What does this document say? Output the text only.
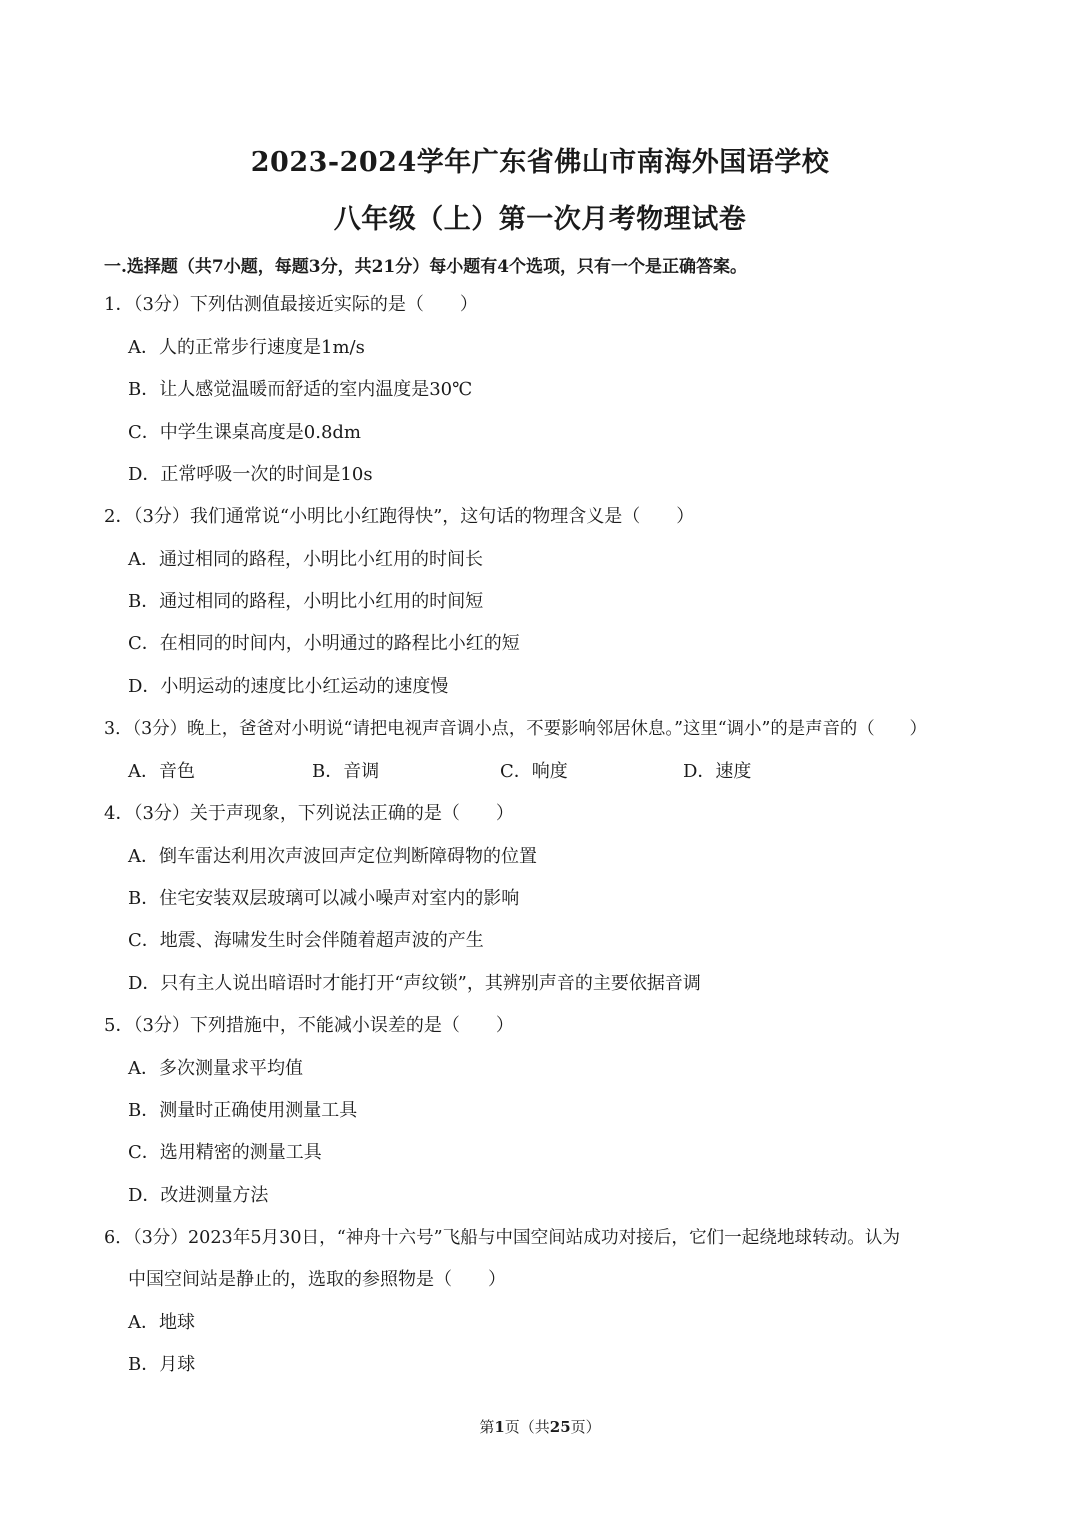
2023-2024学年广东省佛山市南海外国语学校
八年级（上）第一次月考物理试卷
一.选择题（共7小题，每题3分，共21分）每小题有4个选项，只有一个是正确答案。
1．（3分）下列估测值最接近实际的是（　　）
A．人的正常步行速度是1m/s
B．让人感觉温暖而舒适的室内温度是30℃
C．中学生课桌高度是0.8dm
D．正常呼吸一次的时间是10s
2．（3分）我们通常说“小明比小红跑得快”，这句话的物理含义是（　　）
A．通过相同的路程，小明比小红用的时间长
B．通过相同的路程，小明比小红用的时间短
C．在相同的时间内，小明通过的路程比小红的短
D．小明运动的速度比小红运动的速度慢
3．（3分）晚上，爸爸对小明说“请把电视声音调小点，不要影响邻居休息。”这里“调小”的是声音的（　　）
A．音色	B．音调	C．响度	D．速度
4．（3分）关于声现象，下列说法正确的是（　　）
A．倒车雷达利用次声波回声定位判断障碍物的位置
B．住宅安装双层玻璃可以减小噪声对室内的影响
C．地震、海啸发生时会伴随着超声波的产生
D．只有主人说出暗语时才能打开“声纹锁”，其辨别声音的主要依据音调
5．（3分）下列措施中，不能减小误差的是（　　）
A．多次测量求平均值
B．测量时正确使用测量工具
C．选用精密的测量工具
D．改进测量方法
6．（3分）2023年5月30日，“神舟十六号”飞船与中国空间站成功对接后，它们一起绕地球转动。认为
中国空间站是静止的，选取的参照物是（　　）
A．地球
B．月球
第1页（共25页）
